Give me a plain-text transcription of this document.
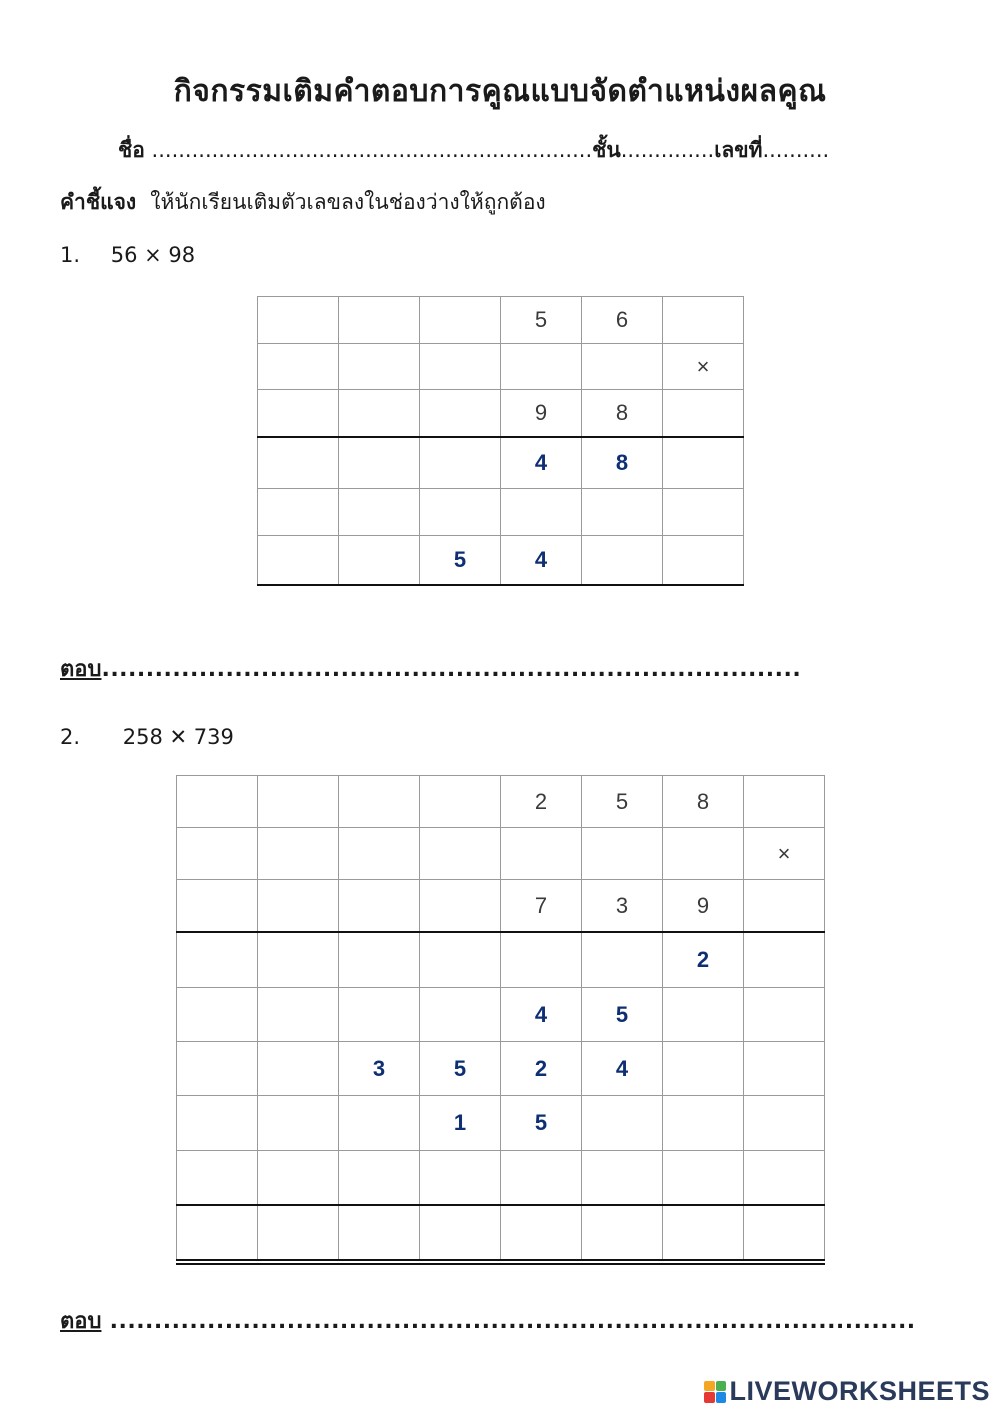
กิจกรรมเติมคำตอบการคูณแบบจัดตำแหน่งผลคูณ
ชื่อ ..................................................................ชั้น..............เลขที่..........
คำชี้แจง ให้นักเรียนเติมตัวเลขลงในช่องว่างให้ถูกต้อง
1. 56 × 98
			5	6	
					×
			9	8	
			4	8	

		5	4		
ตอบ...............................................................................
2. 258 ✕ 739
				2	5	8	
							×
				7	3	9	
						2	
				4	5		
		3	5	2	4		
			1	5			

ตอบ ...........................................................................................
LIVEWORKSHEETS
